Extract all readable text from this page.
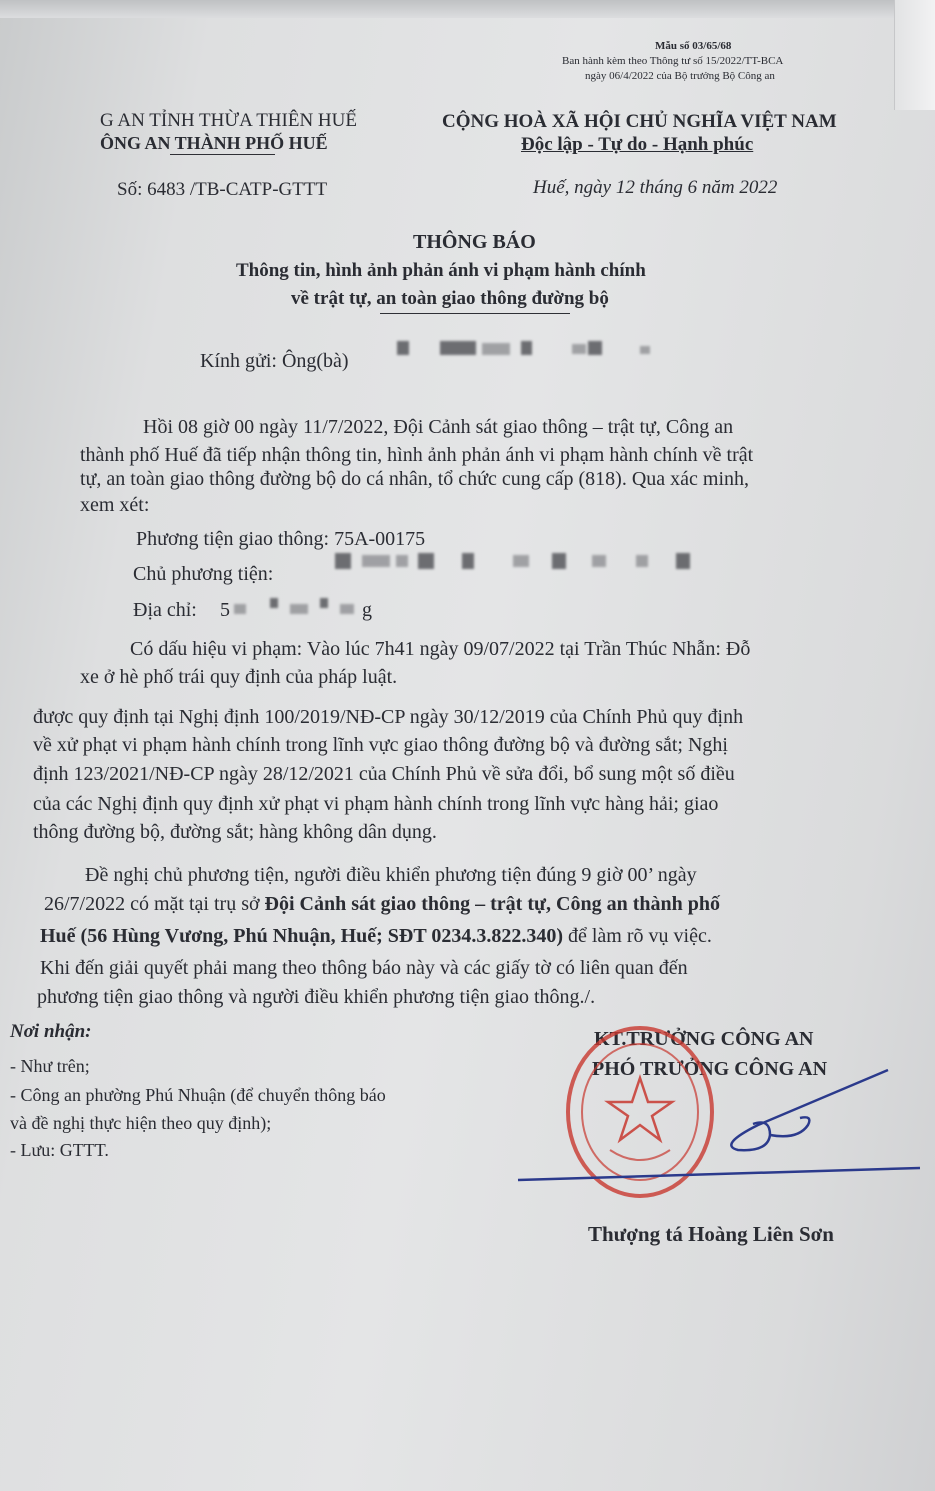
Mẫu số 03/65/68
Ban hành kèm theo Thông tư số 15/2022/TT-BCA
ngày 06/4/2022 của Bộ trưởng Bộ Công an
G AN TỈNH THỪA THIÊN HUẾ
ÔNG AN THÀNH PHỐ HUẾ
Số: 6483 /TB-CATP-GTTT
CỘNG HOÀ XÃ HỘI CHỦ NGHĨA VIỆT NAM
Độc lập - Tự do - Hạnh phúc
Huế, ngày 12 tháng 6 năm 2022
THÔNG BÁO
Thông tin, hình ảnh phản ánh vi phạm hành chính
về trật tự, an toàn giao thông đường bộ
Kính gửi: Ông(bà)
Hồi 08 giờ 00 ngày 11/7/2022, Đội Cảnh sát giao thông – trật tự, Công an
thành phố Huế đã tiếp nhận thông tin, hình ảnh phản ánh vi phạm hành chính về trật
tự, an toàn giao thông đường bộ do cá nhân, tổ chức cung cấp (818). Qua xác minh,
xem xét:
Phương tiện giao thông: 75A-00175
Chủ phương tiện:
Địa chỉ: 5	g
Có dấu hiệu vi phạm: Vào lúc 7h41 ngày 09/07/2022 tại Trần Thúc Nhẫn: Đỗ
xe ở hè phố trái quy định của pháp luật.
được quy định tại Nghị định 100/2019/NĐ-CP ngày 30/12/2019 của Chính Phủ quy định
về xử phạt vi phạm hành chính trong lĩnh vực giao thông đường bộ và đường sắt; Nghị
định 123/2021/NĐ-CP ngày 28/12/2021 của Chính Phủ về sửa đổi, bổ sung một số điều
của các Nghị định quy định xử phạt vi phạm hành chính trong lĩnh vực hàng hải; giao
thông đường bộ, đường sắt; hàng không dân dụng.
Đề nghị chủ phương tiện, người điều khiển phương tiện đúng 9 giờ 00’ ngày
26/7/2022 có mặt tại trụ sở Đội Cảnh sát giao thông – trật tự, Công an thành phố
Huế (56 Hùng Vương, Phú Nhuận, Huế; SĐT 0234.3.822.340) để làm rõ vụ việc.
Khi đến giải quyết phải mang theo thông báo này và các giấy tờ có liên quan đến
phương tiện giao thông và người điều khiển phương tiện giao thông./.
Nơi nhận:
- Như trên;
- Công an phường Phú Nhuận (để chuyển thông báo
và đề nghị thực hiện theo quy định);
- Lưu: GTTT.
KT.TRƯỞNG CÔNG AN
PHÓ TRƯỞNG CÔNG AN
Thượng tá Hoàng Liên Sơn
